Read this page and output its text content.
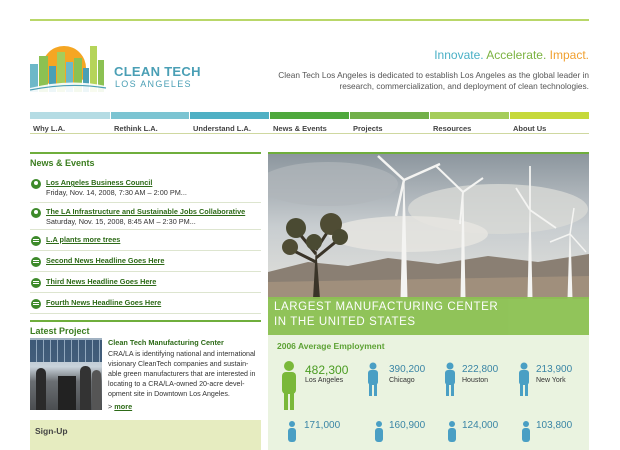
CLEAN TECH
LOS ANGELES
Innovate. Accelerate. Impact.
Clean Tech Los Angeles is dedicated to establish Los Angeles as the global leader in research, commercialization, and deployment of clean technologies.
Why L.A.	Rethink L.A.	Understand L.A.	News & Events	Projects	Resources	About Us
News & Events
Los Angeles Business Council
Friday, Nov. 14, 2008, 7:30 AM – 2:00 PM...
The LA Infrastructure and Sustainable Jobs Collaborative
Saturday, Nov. 15, 2008, 8:45 AM – 2:30 PM...
L.A plants more trees
Second News Headline Goes Here
Third News Headline Goes Here
Fourth News Headline Goes Here
Latest Project
Clean Tech Manufacturing Center
CRA/LA is identifying national and international visionary CleanTech companies and sustain-able green manufacturers that are interested in locating to a CRA/LA-owned 20-acre devel-opment site in Downtown Los Angeles.
> more
Sign-Up
LARGEST MANUFACTURING CENTER
IN THE UNITED STATES
2006 Average Employment
482,300
Los Angeles
390,200
Chicago
222,800
Houston
213,900
New York
171,000	160,900	124,000	103,800
